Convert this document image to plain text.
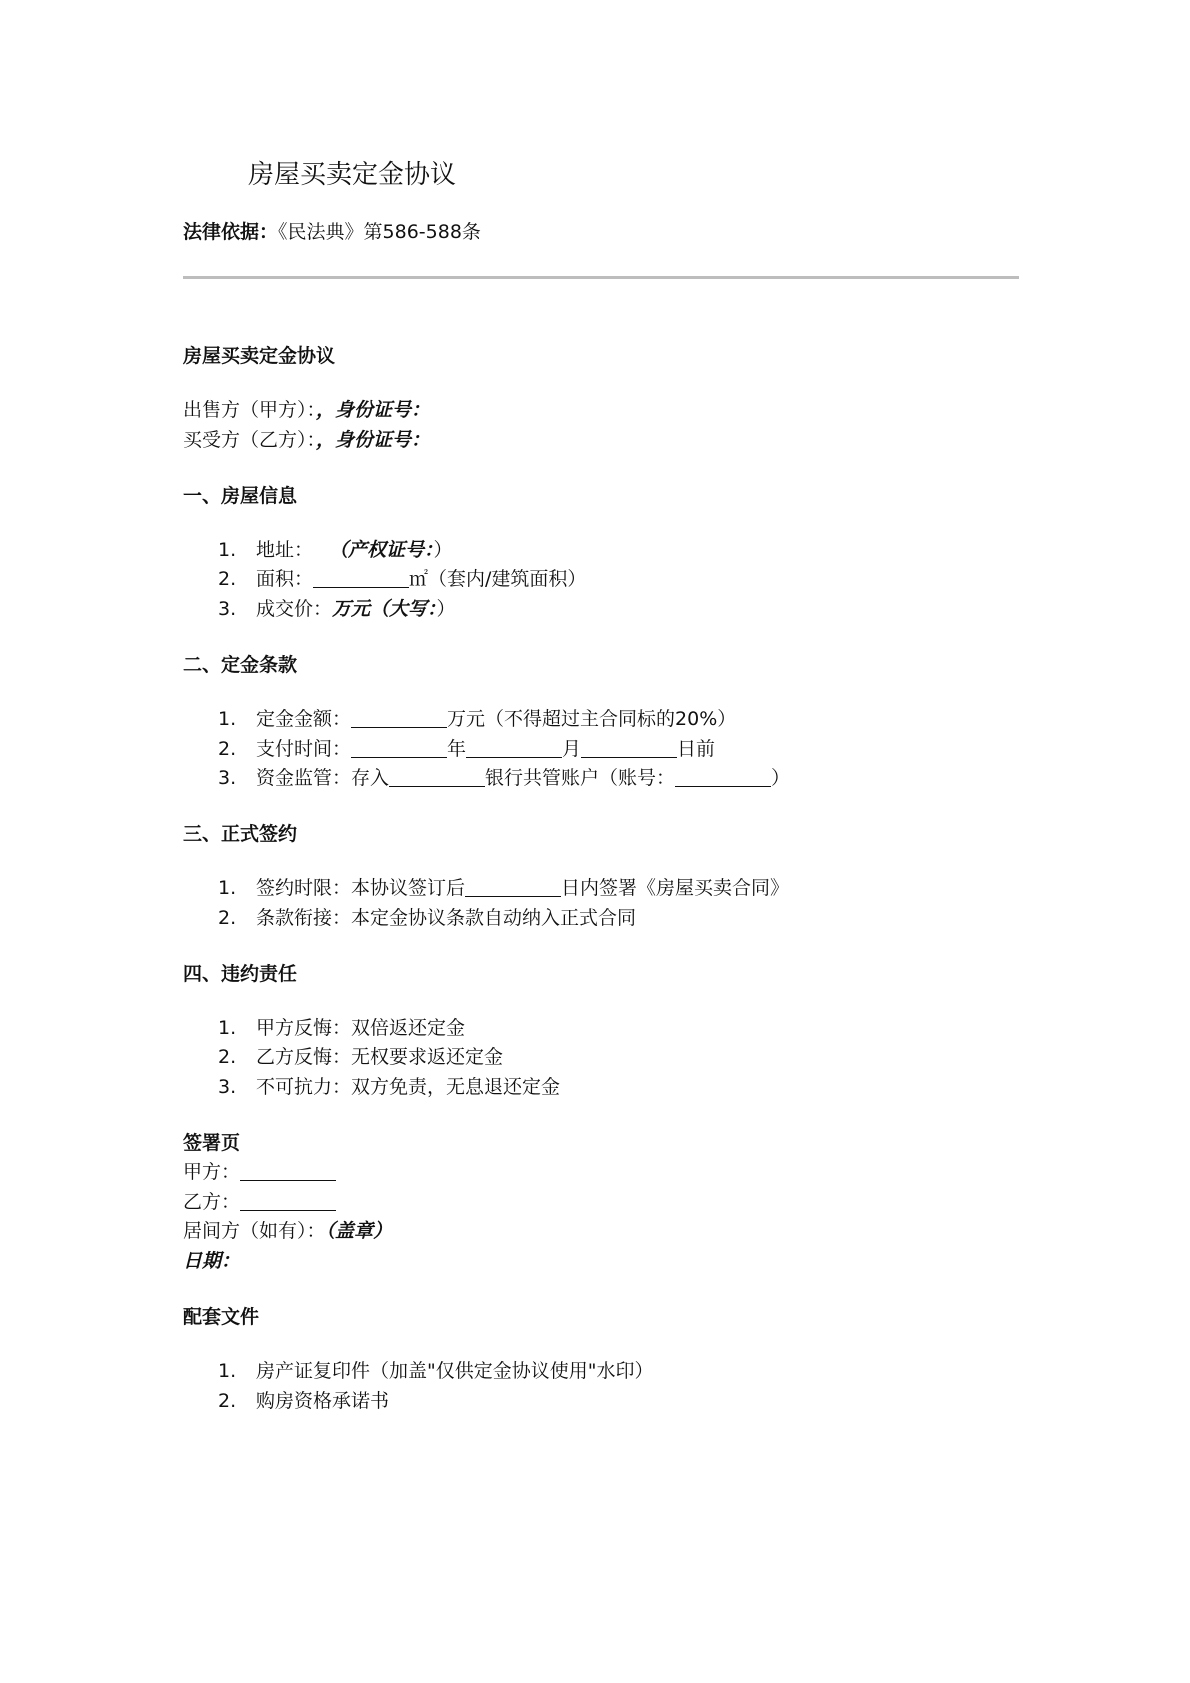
房屋买卖定金协议
法律依据：《民法典》第586-588条
房屋买卖定金协议
出售方（甲方）：，身份证号：
买受方（乙方）：，身份证号：
一、房屋信息
1. 地址： （产权证号：）
2. 面积：	㎡（套内/建筑面积）
3. 成交价：万元（大写：）
二、定金条款
1. 定金金额：	万元（不得超过主合同标的20%）
2. 支付时间：	年	月	日前
3. 资金监管：存入	银行共管账户（账号：	）
三、正式签约
1. 签约时限：本协议签订后	日内签署《房屋买卖合同》
2. 条款衔接：本定金协议条款自动纳入正式合同
四、违约责任
1. 甲方反悔：双倍返还定金
2. 乙方反悔：无权要求返还定金
3. 不可抗力：双方免责，无息退还定金
签署页
甲方：
乙方：
居间方（如有）：（盖章）
日期：
配套文件
1. 房产证复印件（加盖"仅供定金协议使用"水印）
2. 购房资格承诺书
